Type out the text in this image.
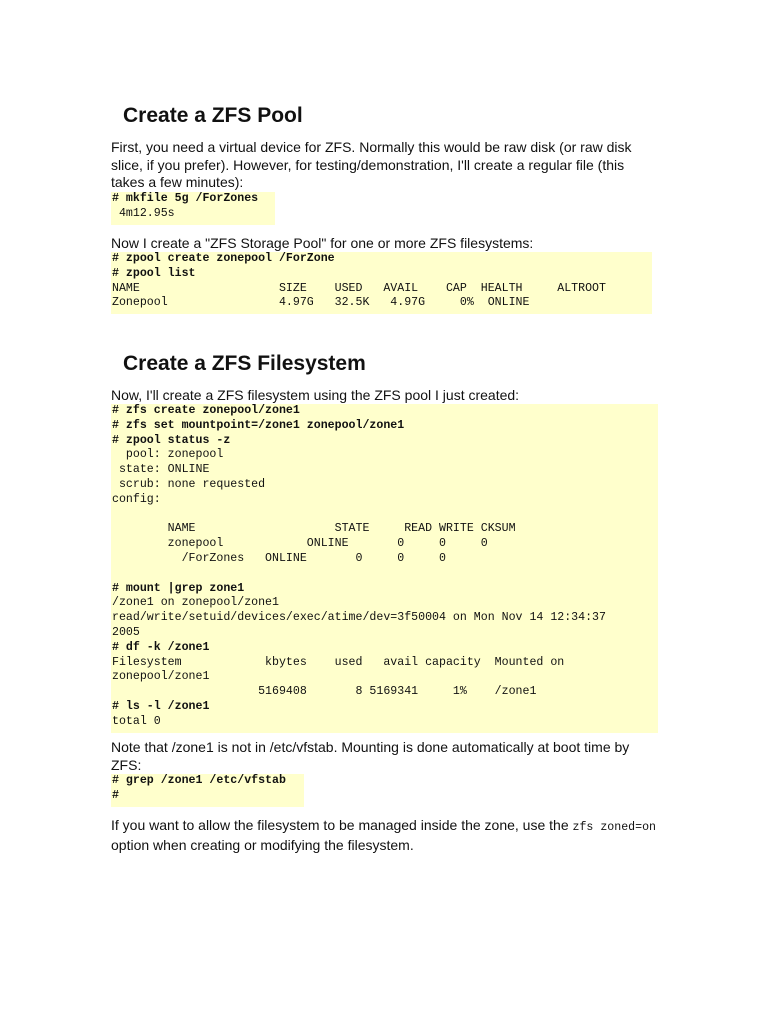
Create a ZFS Pool

First, you need a virtual device for ZFS. Normally this would be raw disk (or raw disk slice, if you prefer). However, for testing/demonstration, I'll create a regular file (this takes a few minutes):

# mkfile 5g /ForZones
4m12.95s

Now I create a "ZFS Storage Pool" for one or more ZFS filesystems:

# zpool create zonepool /ForZone
# zpool list
NAME                    SIZE    USED   AVAIL    CAP  HEALTH     ALTROOT
Zonepool                4.97G   32.5K   4.97G     0%  ONLINE
Create a ZFS Filesystem

Now, I'll create a ZFS filesystem using the ZFS pool I just created:

# zfs create zonepool/zone1
# zfs set mountpoint=/zone1 zonepool/zone1
# zpool status -z
pool: zonepool
state: ONLINE
scrub: none requested
config:
NAME                    STATE     READ WRITE CKSUM
zonepool            ONLINE       0     0     0
/ForZones   ONLINE       0     0     0
# mount |grep zone1
/zone1 on zonepool/zone1
read/write/setuid/devices/exec/atime/dev=3f50004 on Mon Nov 14 12:34:37
2005
# df -k /zone1
Filesystem            kbytes    used   avail capacity  Mounted on
zonepool/zone1
5169408       8 5169341     1%    /zone1
# ls -l /zone1
total 0

Note that /zone1 is not in /etc/vfstab. Mounting is done automatically at boot time by ZFS:

# grep /zone1 /etc/vfstab
#

If you want to allow the filesystem to be managed inside the zone, use the zfs zoned=on option when creating or modifying the filesystem.
